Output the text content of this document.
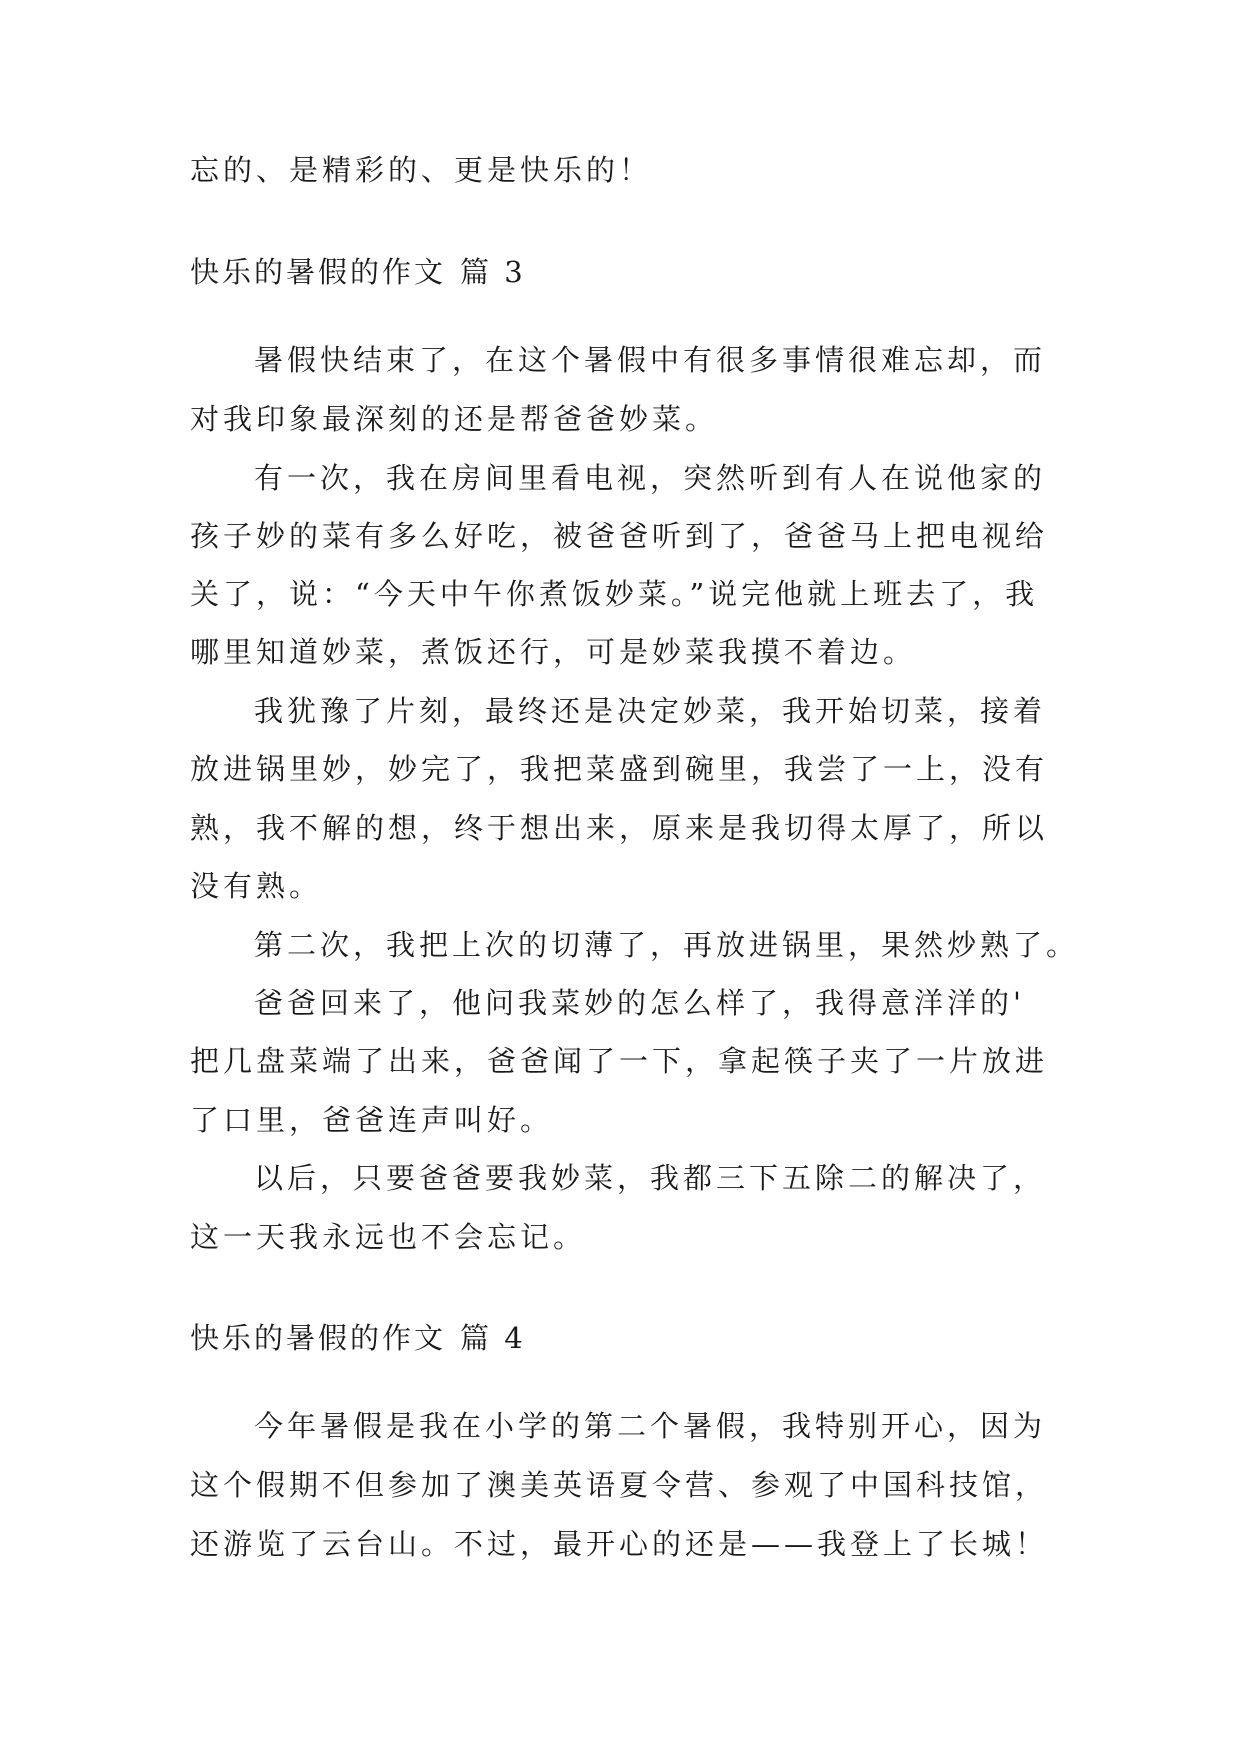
忘的、是精彩的、更是快乐的！

快乐的暑假的作文 篇 3

暑假快结束了，在这个暑假中有很多事情很难忘却，而

对我印象最深刻的还是帮爸爸妙菜。

有一次，我在房间里看电视，突然听到有人在说他家的

孩子妙的菜有多么好吃，被爸爸听到了，爸爸马上把电视给

关了，说：“今天中午你煮饭妙菜。”说完他就上班去了，我

哪里知道妙菜，煮饭还行，可是妙菜我摸不着边。

我犹豫了片刻，最终还是决定妙菜，我开始切菜，接着

放进锅里妙，妙完了，我把菜盛到碗里，我尝了一上，没有

熟，我不解的想，终于想出来，原来是我切得太厚了，所以

没有熟。

第二次，我把上次的切薄了，再放进锅里，果然炒熟了。

爸爸回来了，他问我菜妙的怎么样了，我得意洋洋的'

把几盘菜端了出来，爸爸闻了一下，拿起筷子夹了一片放进

了口里，爸爸连声叫好。

以后，只要爸爸要我妙菜，我都三下五除二的解决了，

这一天我永远也不会忘记。

快乐的暑假的作文 篇 4

今年暑假是我在小学的第二个暑假，我特别开心，因为

这个假期不但参加了澳美英语夏令营、参观了中国科技馆，

还游览了云台山。不过，最开心的还是——我登上了长城！
